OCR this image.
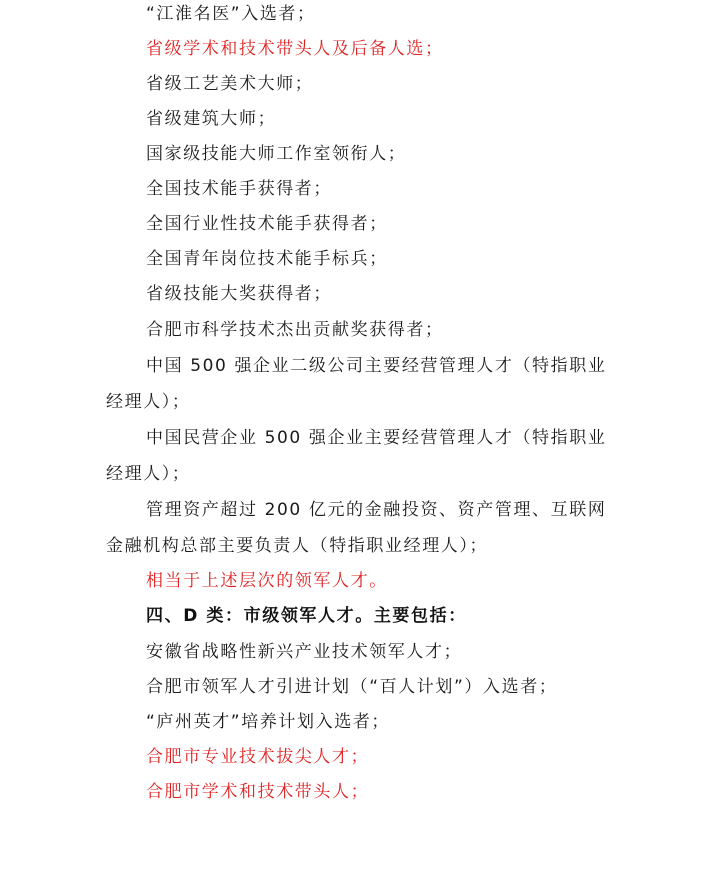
“江淮名医”入选者；
省级学术和技术带头人及后备人选；
省级工艺美术大师；
省级建筑大师；
国家级技能大师工作室领衔人；
全国技术能手获得者；
全国行业性技术能手获得者；
全国青年岗位技术能手标兵；
省级技能大奖获得者；
合肥市科学技术杰出贡献奖获得者；
中国 500 强企业二级公司主要经营管理人才（特指职业
经理人）；
中国民营企业 500 强企业主要经营管理人才（特指职业
经理人）；
管理资产超过 200 亿元的金融投资、资产管理、互联网
金融机构总部主要负责人（特指职业经理人）；
相当于上述层次的领军人才。
四、D 类：市级领军人才。主要包括：
安徽省战略性新兴产业技术领军人才；
合肥市领军人才引进计划（“百人计划”）入选者；
“庐州英才”培养计划入选者；
合肥市专业技术拔尖人才；
合肥市学术和技术带头人；
